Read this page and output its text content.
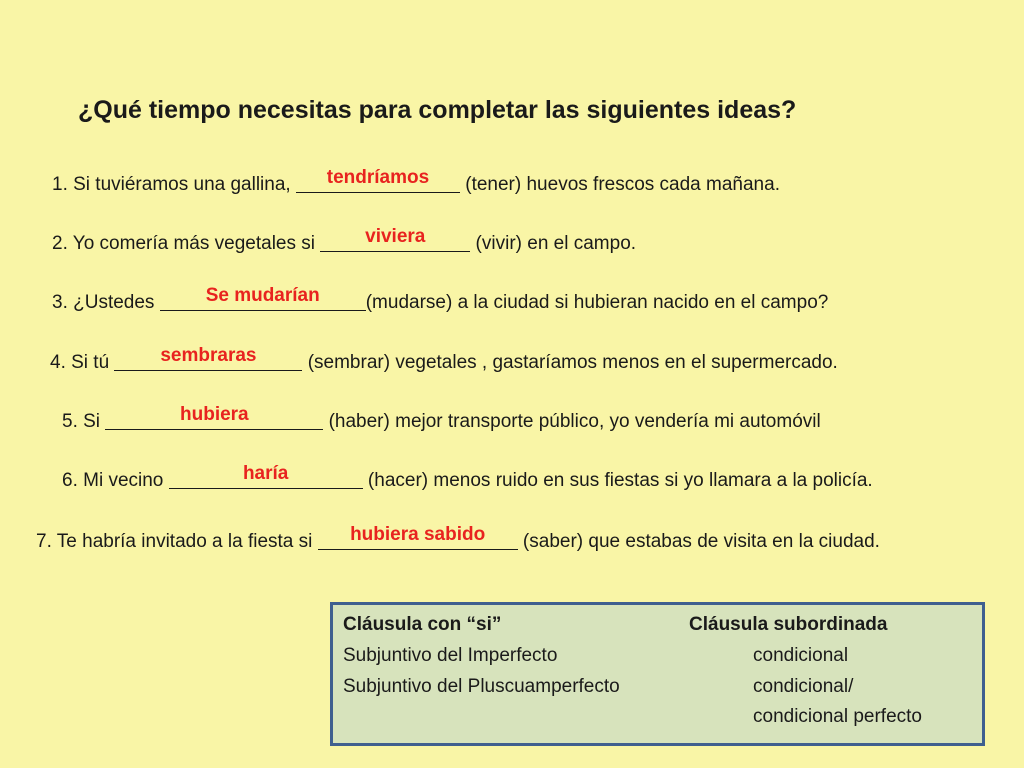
¿Qué tiempo necesitas para completar las siguientes ideas?
1. Si tuviéramos una gallina,	tendríamos	(tener) huevos frescos cada mañana.
2. Yo comería más vegetales si	viviera	(vivir) en el campo.
3. ¿Ustedes	Se mudarían	(mudarse) a la ciudad si hubieran nacido en el campo?
4. Si tú	sembraras	(sembrar) vegetales , gastaríamos menos en el supermercado.
5. Si	hubiera	(haber) mejor transporte público, yo vendería mi automóvil
6. Mi vecino	haría	(hacer) menos ruido en sus fiestas si yo llamara a la policía.
7. Te habría invitado a la fiesta si	hubiera sabido	(saber) que estabas de visita en la ciudad.
Cláusula con “si”	Cláusula subordinada
Subjuntivo del Imperfecto	condicional
Subjuntivo del Pluscuamperfecto	condicional/
condicional perfecto
